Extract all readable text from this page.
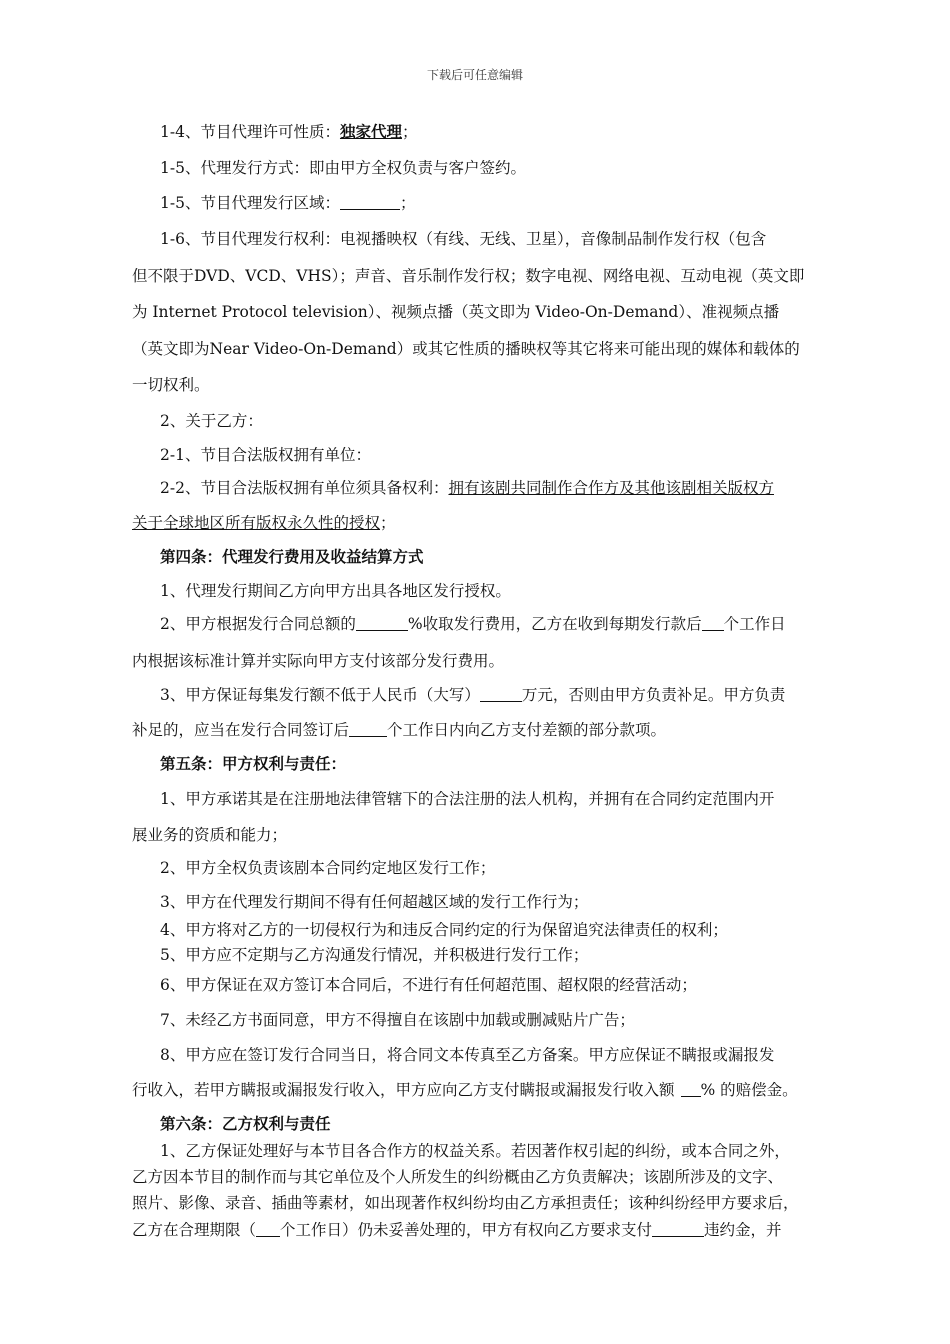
下载后可任意编辑
1-4、节目代理许可性质：独家代理；
1-5、代理发行方式：即由甲方全权负责与客户签约。
1-5、节目代理发行区域：	；
1-6、节目代理发行权利：电视播映权（有线、无线、卫星），音像制品制作发行权（包含
但不限于DVD、VCD、VHS）；声音、音乐制作发行权；数字电视、网络电视、互动电视（英文即
为 Internet Protocol television）、视频点播（英文即为 Video-On-Demand）、准视频点播
（英文即为Near Video-On-Demand）或其它性质的播映权等其它将来可能出现的媒体和载体的
一切权利。
2、关于乙方：
2-1、节目合法版权拥有单位：
2-2、节目合法版权拥有单位须具备权利：拥有该剧共同制作合作方及其他该剧相关版权方
关于全球地区所有版权永久性的授权；
第四条：代理发行费用及收益结算方式
1、代理发行期间乙方向甲方出具各地区发行授权。
2、甲方根据发行合同总额的	%收取发行费用，乙方在收到每期发行款后 个工作日
内根据该标准计算并实际向甲方支付该部分发行费用。
3、甲方保证每集发行额不低于人民币（大写）	万元，否则由甲方负责补足。甲方负责
补足的，应当在发行合同签订后 个工作日内向乙方支付差额的部分款项。
第五条：甲方权利与责任：
1、甲方承诺其是在注册地法律管辖下的合法注册的法人机构，并拥有在合同约定范围内开
展业务的资质和能力；
2、甲方全权负责该剧本合同约定地区发行工作；
3、甲方在代理发行期间不得有任何超越区域的发行工作行为；
4、甲方将对乙方的一切侵权行为和违反合同约定的行为保留追究法律责任的权利；
5、甲方应不定期与乙方沟通发行情况，并积极进行发行工作；
6、甲方保证在双方签订本合同后，不进行有任何超范围、超权限的经营活动；
7、未经乙方书面同意，甲方不得擅自在该剧中加载或删减贴片广告；
8、甲方应在签订发行合同当日，将合同文本传真至乙方备案。甲方应保证不瞒报或漏报发
行收入，若甲方瞒报或漏报发行收入，甲方应向乙方支付瞒报或漏报发行收入额 % 的赔偿金。
第六条：乙方权利与责任
1、乙方保证处理好与本节目各合作方的权益关系。若因著作权引起的纠纷，或本合同之外，
乙方因本节目的制作而与其它单位及个人所发生的纠纷概由乙方负责解决；该剧所涉及的文字、
照片、影像、录音、插曲等素材，如出现著作权纠纷均由乙方承担责任；该种纠纷经甲方要求后，
乙方在合理期限（ 个工作日）仍未妥善处理的，甲方有权向乙方要求支付	违约金，并
